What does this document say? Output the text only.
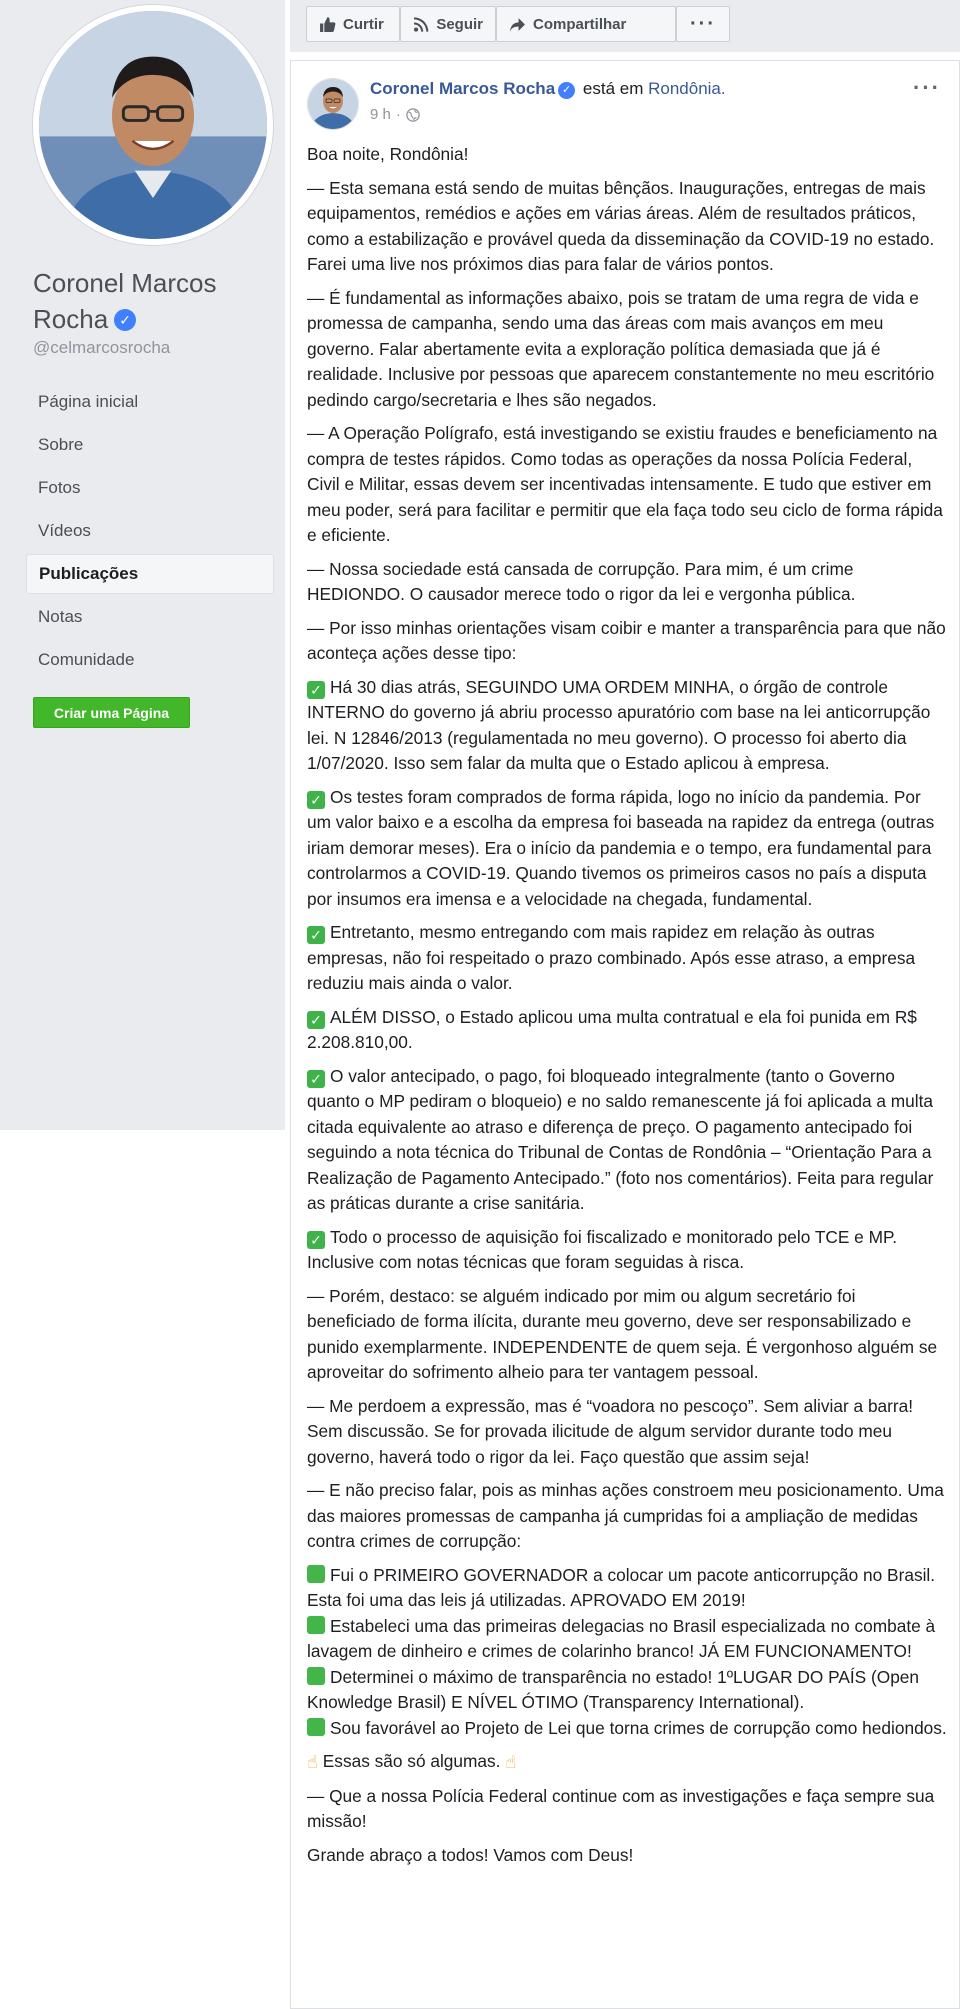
Coronel Marcos Rocha ✓
@celmarcosrocha
Página inicial
Sobre
Fotos
Vídeos
Publicações
Notas
Comunidade
Criar uma Página
Curtir	Seguir	Compartilhar	···
Coronel Marcos Rocha ✓ está em Rondônia.
9 h ·
···

Boa noite, Rondônia!

— Esta semana está sendo de muitas bênçãos. Inaugurações, entregas de mais equipamentos, remédios e ações em várias áreas. Além de resultados práticos, como a estabilização e provável queda da disseminação da COVID-19 no estado. Farei uma live nos próximos dias para falar de vários pontos.

— É fundamental as informações abaixo, pois se tratam de uma regra de vida e promessa de campanha, sendo uma das áreas com mais avanços em meu governo. Falar abertamente evita a exploração política demasiada que já é realidade. Inclusive por pessoas que aparecem constantemente no meu escritório pedindo cargo/secretaria e lhes são negados.

— A Operação Polígrafo, está investigando se existiu fraudes e beneficiamento na compra de testes rápidos. Como todas as operações da nossa Polícia Federal, Civil e Militar, essas devem ser incentivadas intensamente. E tudo que estiver em meu poder, será para facilitar e permitir que ela faça todo seu ciclo de forma rápida e eficiente.

— Nossa sociedade está cansada de corrupção. Para mim, é um crime HEDIONDO. O causador merece todo o rigor da lei e vergonha pública.

— Por isso minhas orientações visam coibir e manter a transparência para que não aconteça ações desse tipo:

✓ Há 30 dias atrás, SEGUINDO UMA ORDEM MINHA, o órgão de controle INTERNO do governo já abriu processo apuratório com base na lei anticorrupção lei. N 12846/2013 (regulamentada no meu governo). O processo foi aberto dia 1/07/2020. Isso sem falar da multa que o Estado aplicou à empresa.

✓ Os testes foram comprados de forma rápida, logo no início da pandemia. Por um valor baixo e a escolha da empresa foi baseada na rapidez da entrega (outras iriam demorar meses). Era o início da pandemia e o tempo, era fundamental para controlarmos a COVID-19. Quando tivemos os primeiros casos no país a disputa por insumos era imensa e a velocidade na chegada, fundamental.

✓ Entretanto, mesmo entregando com mais rapidez em relação às outras empresas, não foi respeitado o prazo combinado. Após esse atraso, a empresa reduziu mais ainda o valor.

✓ ALÉM DISSO, o Estado aplicou uma multa contratual e ela foi punida em R$ 2.208.810,00.

✓ O valor antecipado, o pago, foi bloqueado integralmente (tanto o Governo quanto o MP pediram o bloqueio) e no saldo remanescente já foi aplicada a multa citada equivalente ao atraso e diferença de preço. O pagamento antecipado foi seguindo a nota técnica do Tribunal de Contas de Rondônia – “Orientação Para a Realização de Pagamento Antecipado.” (foto nos comentários). Feita para regular as práticas durante a crise sanitária.

✓ Todo o processo de aquisição foi fiscalizado e monitorado pelo TCE e MP. Inclusive com notas técnicas que foram seguidas à risca.

— Porém, destaco: se alguém indicado por mim ou algum secretário foi beneficiado de forma ilícita, durante meu governo, deve ser responsabilizado e punido exemplarmente. INDEPENDENTE de quem seja. É vergonhoso alguém se aproveitar do sofrimento alheio para ter vantagem pessoal.

— Me perdoem a expressão, mas é “voadora no pescoço”. Sem aliviar a barra! Sem discussão. Se for provada ilicitude de algum servidor durante todo meu governo, haverá todo o rigor da lei. Faço questão que assim seja!

— E não preciso falar, pois as minhas ações constroem meu posicionamento. Uma das maiores promessas de campanha já cumpridas foi a ampliação de medidas contra crimes de corrupção:

Fui o PRIMEIRO GOVERNADOR a colocar um pacote anticorrupção no Brasil. Esta foi uma das leis já utilizadas. APROVADO EM 2019!
Estabeleci uma das primeiras delegacias no Brasil especializada no combate à lavagem de dinheiro e crimes de colarinho branco! JÁ EM FUNCIONAMENTO!
Determinei o máximo de transparência no estado! 1ºLUGAR DO PAÍS (Open Knowledge Brasil) E NÍVEL ÓTIMO (Transparency International).
Sou favorável ao Projeto de Lei que torna crimes de corrupção como hediondos.

☝ Essas são só algumas. ☝

— Que a nossa Polícia Federal continue com as investigações e faça sempre sua missão!

Grande abraço a todos! Vamos com Deus!
